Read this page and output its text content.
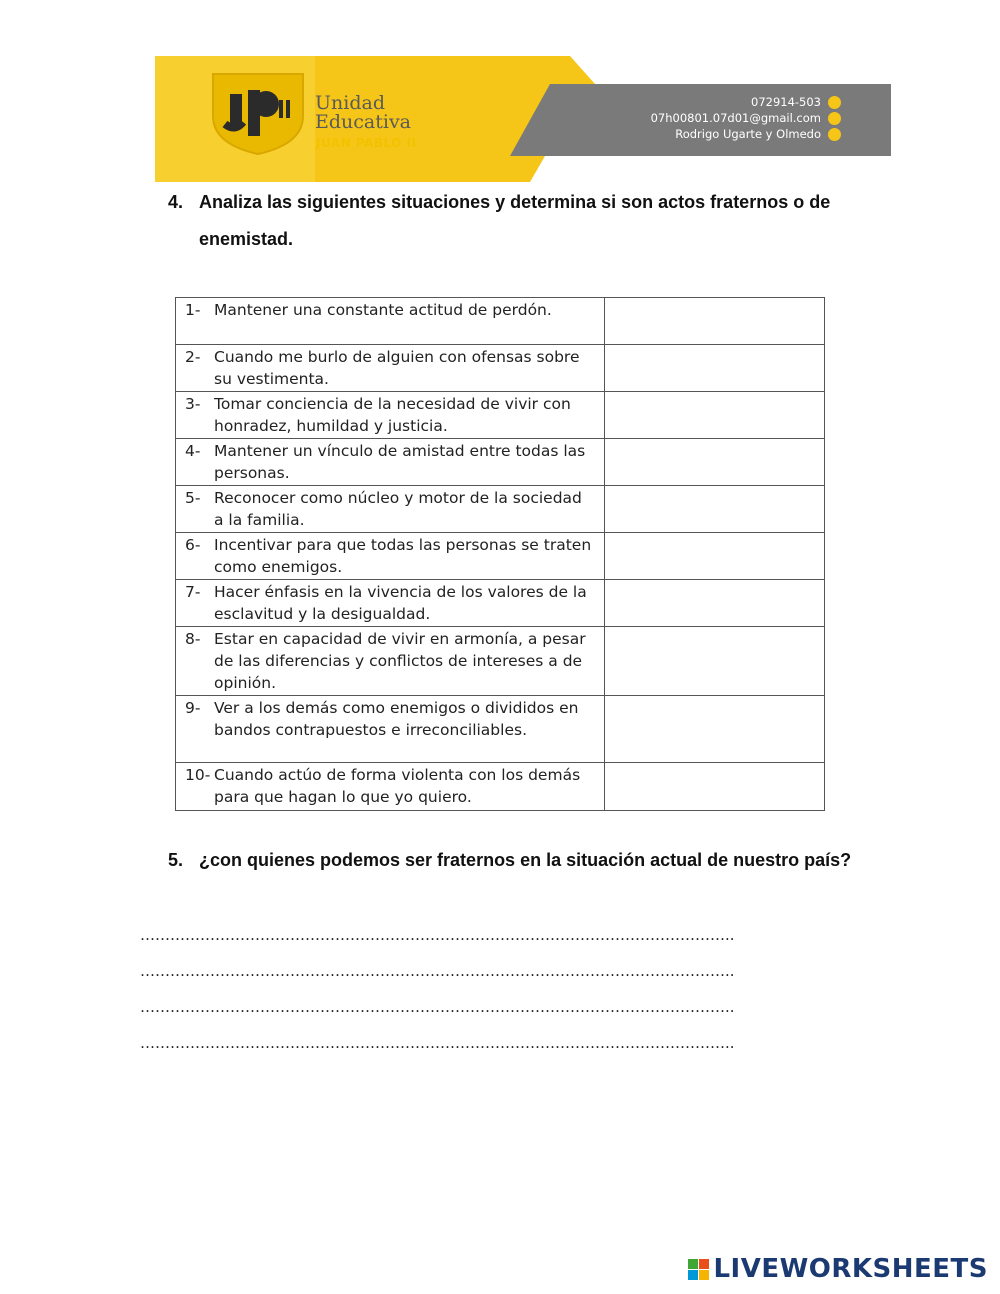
Unidad
Educativa
JUAN PABLO II
072914-503
07h00801.07d01@gmail.com
Rodrigo Ugarte y Olmedo
4. Analiza las siguientes situaciones y determina si son actos fraternos o de enemistad.
1- Mantener una constante actitud de perdón.	

2- Cuando me burlo de alguien con ofensas sobre su vestimenta.	

3- Tomar conciencia de la necesidad de vivir con honradez, humildad y justicia.	

4- Mantener un vínculo de amistad entre todas las personas.	

5- Reconocer como núcleo y motor de la sociedad a la familia.	

6- Incentivar para que todas las personas se traten como enemigos.	

7- Hacer énfasis en la vivencia de los valores de la esclavitud y la desigualdad.	

8- Estar en capacidad de vivir en armonía, a pesar de las diferencias y conflictos de intereses a de opinión.	

9- Ver a los demás como enemigos o divididos en bandos contrapuestos e irreconciliables.	

10- Cuando actúo de forma violenta con los demás para que hagan lo que yo quiero.	

5. ¿con quienes podemos ser fraternos en la situación actual de nuestro país?
………………………………………………………………………………………………………..
………………………………………………………………………………………………………..
………………………………………………………………………………………………………..
………………………………………………………………………………………………………..
LIVEWORKSHEETS
